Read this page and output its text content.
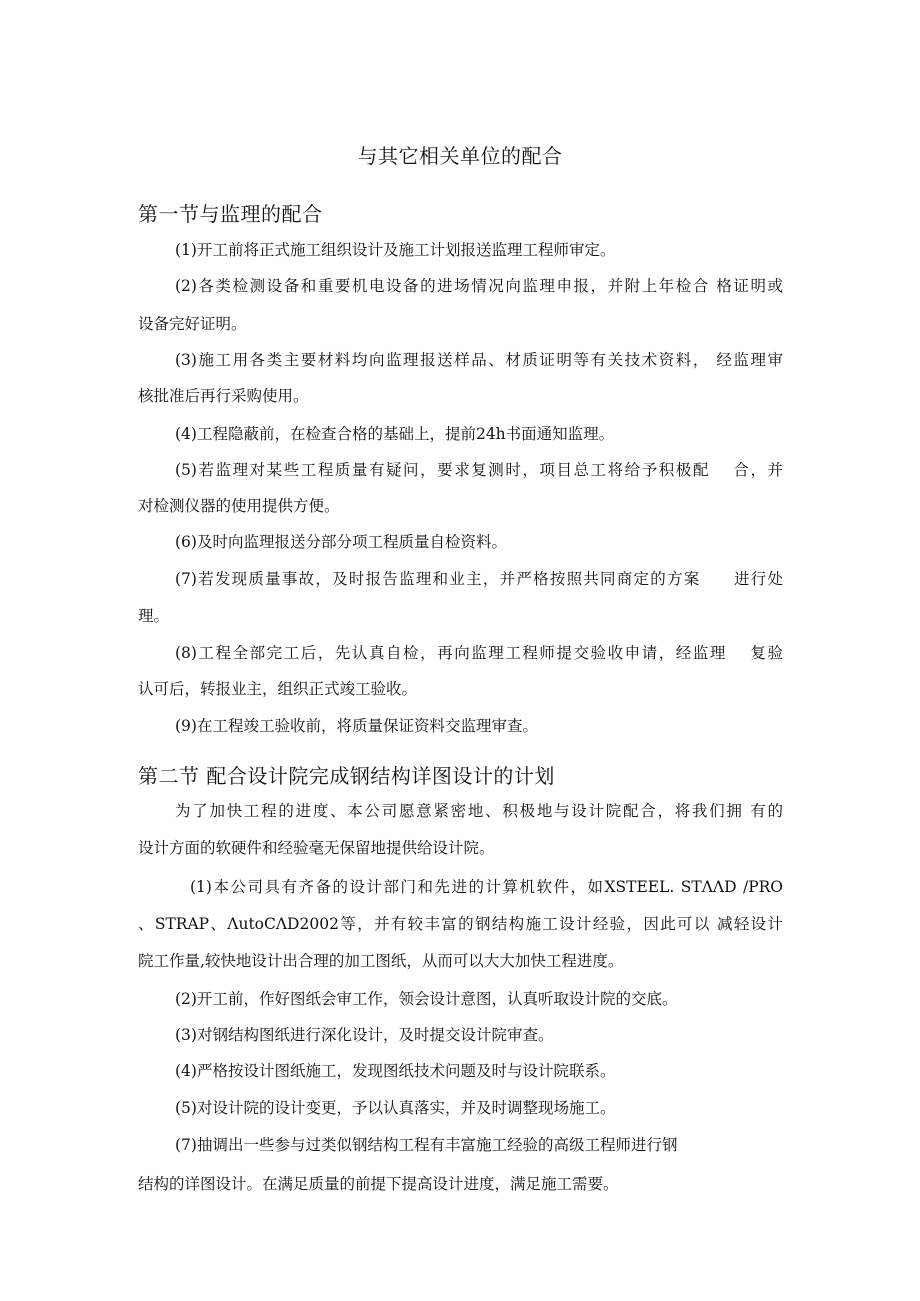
与其它相关单位的配合
第一节与监理的配合
(1)开工前将正式施工组织设计及施工计划报送监理工程师审定。
(2)各类检测设备和重要机电设备的进场情况向监理申报，并附上年检合 格证明或
设备完好证明。
(3)施工用各类主要材料均向监理报送样品、材质证明等有关技术资料， 经监理审
核批准后再行采购使用。
(4)工程隐蔽前，在检查合格的基础上，提前24h书面通知监理。
(5)若监理对某些工程质量有疑问，要求复测时，项目总工将给予积极配　 合，并
对检测仪器的使用提供方便。
(6)及时向监理报送分部分项工程质量自检资料。
(7)若发现质量事故，及时报告监理和业主，并严格按照共同商定的方案　　进行处
理。
(8)工程全部完工后，先认真自检，再向监理工程师提交验收申请，经监理　 复验
认可后，转报业主，组织正式竣工验收。
(9)在工程竣工验收前，将质量保证资料交监理审查。
第二节 配合设计院完成钢结构详图设计的计划
为了加快工程的进度、本公司愿意紧密地、积极地与设计院配合，将我们拥 有的
设计方面的软硬件和经验毫无保留地提供给设计院。
(1)本公司具有齐备的设计部门和先进的计算机软件，如XSTEEL. STΛΛD /PRO
、STRAP、ΛutoCΛD2002等，并有较丰富的钢结构施工设计经验，因此可以 减轻设计
院工作量,较快地设计出合理的加工图纸，从而可以大大加快工程进度。
(2)开工前，作好图纸会审工作，领会设计意图，认真听取设计院的交底。
(3)对钢结构图纸进行深化设计，及时提交设计院审查。
(4)严格按设计图纸施工，发现图纸技术问题及时与设计院联系。
(5)对设计院的设计变更，予以认真落实，并及时调整现场施工。
(7)抽调出一些参与过类似钢结构工程有丰富施工经验的高级工程师进行钢
结构的详图设计。在满足质量的前提下提高设计进度，满足施工需要。
